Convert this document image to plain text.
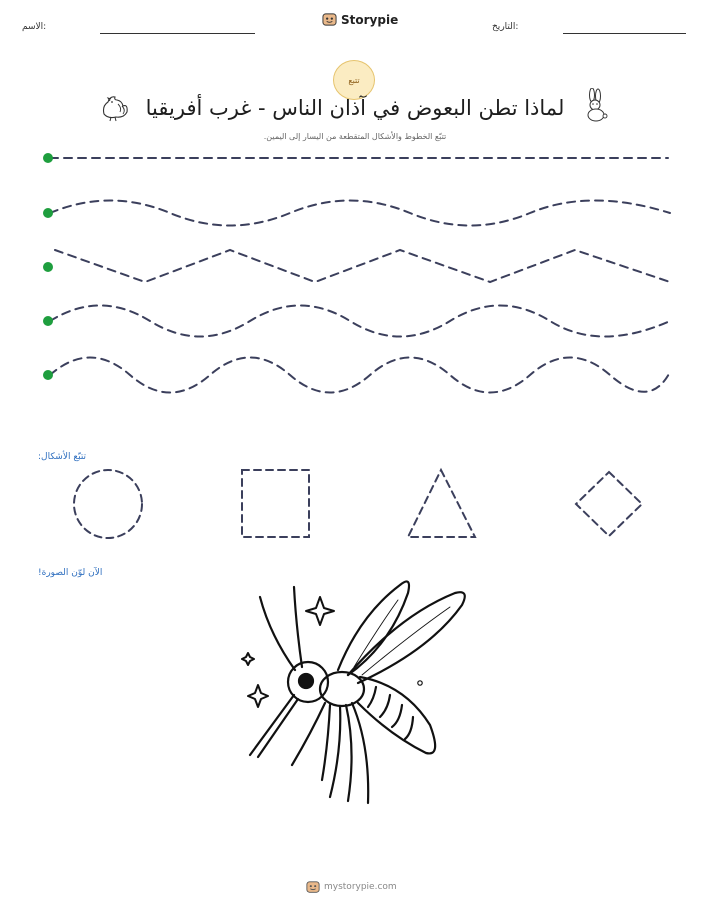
الاسم:	التاريخ:
Storypie
تتبع
لماذا تطن البعوض في آذان الناس - غرب أفريقيا
تتبّع الخطوط والأشكال المتقطعة من اليسار إلى اليمين.
تتبّع الأشكال:
الآن لوّن الصورة!
mystorypie.com
